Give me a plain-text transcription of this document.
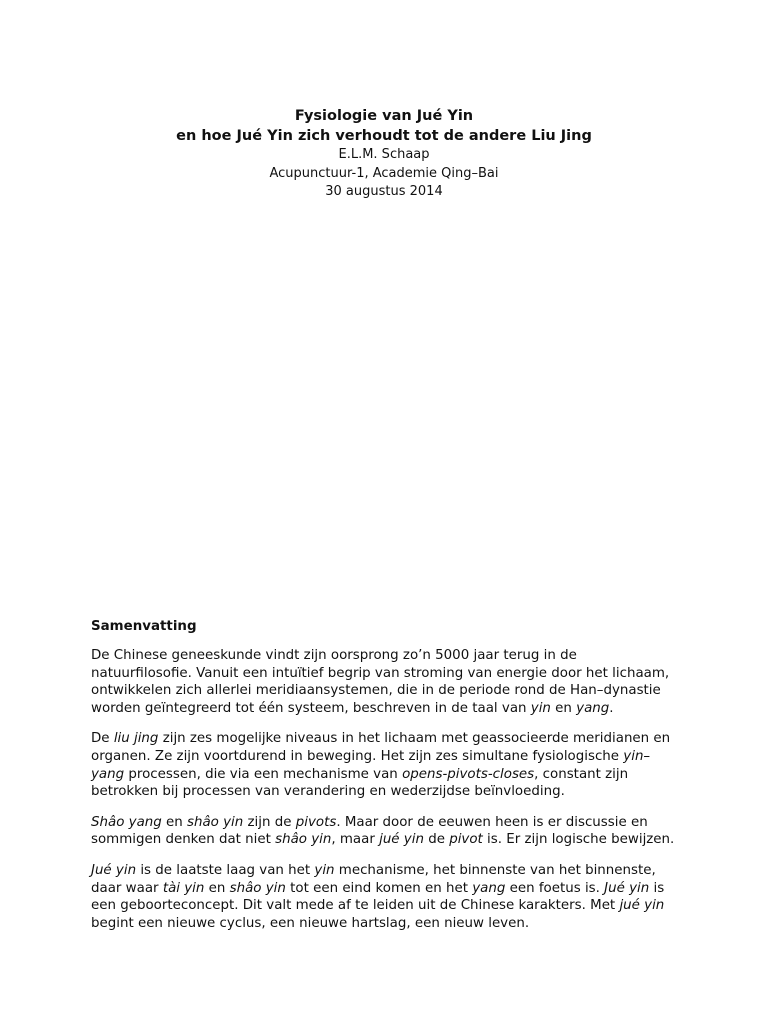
Fysiologie van Jué Yin
en hoe Jué Yin zich verhoudt tot de andere Liu Jing
E.L.M. Schaap
Acupunctuur-1, Academie Qing–Bai
30 augustus 2014
Samenvatting

De Chinese geneeskunde vindt zijn oorsprong zo’n 5000 jaar terug in de natuurfilosofie. Vanuit een intuïtief begrip van stroming van energie door het lichaam, ontwikkelen zich allerlei meridiaansystemen, die in de periode rond de Han–dynastie worden geïntegreerd tot één systeem, beschreven in de taal van yin en yang.

De liu jing zijn zes mogelijke niveaus in het lichaam met geassocieerde meridianen en organen. Ze zijn voortdurend in beweging. Het zijn zes simultane fysiologische yin–yang processen, die via een mechanisme van opens-pivots-closes, constant zijn betrokken bij processen van verandering en wederzijdse beïnvloeding.

Shâo yang en shâo yin zijn de pivots. Maar door de eeuwen heen is er discussie en sommigen denken dat niet shâo yin, maar jué yin de pivot is. Er zijn logische bewijzen.

Jué yin is de laatste laag van het yin mechanisme, het binnenste van het binnenste, daar waar tài yin en shâo yin tot een eind komen en het yang een foetus is. Jué yin is een geboorteconcept. Dit valt mede af te leiden uit de Chinese karakters. Met jué yin begint een nieuwe cyclus, een nieuwe hartslag, een nieuw leven.
